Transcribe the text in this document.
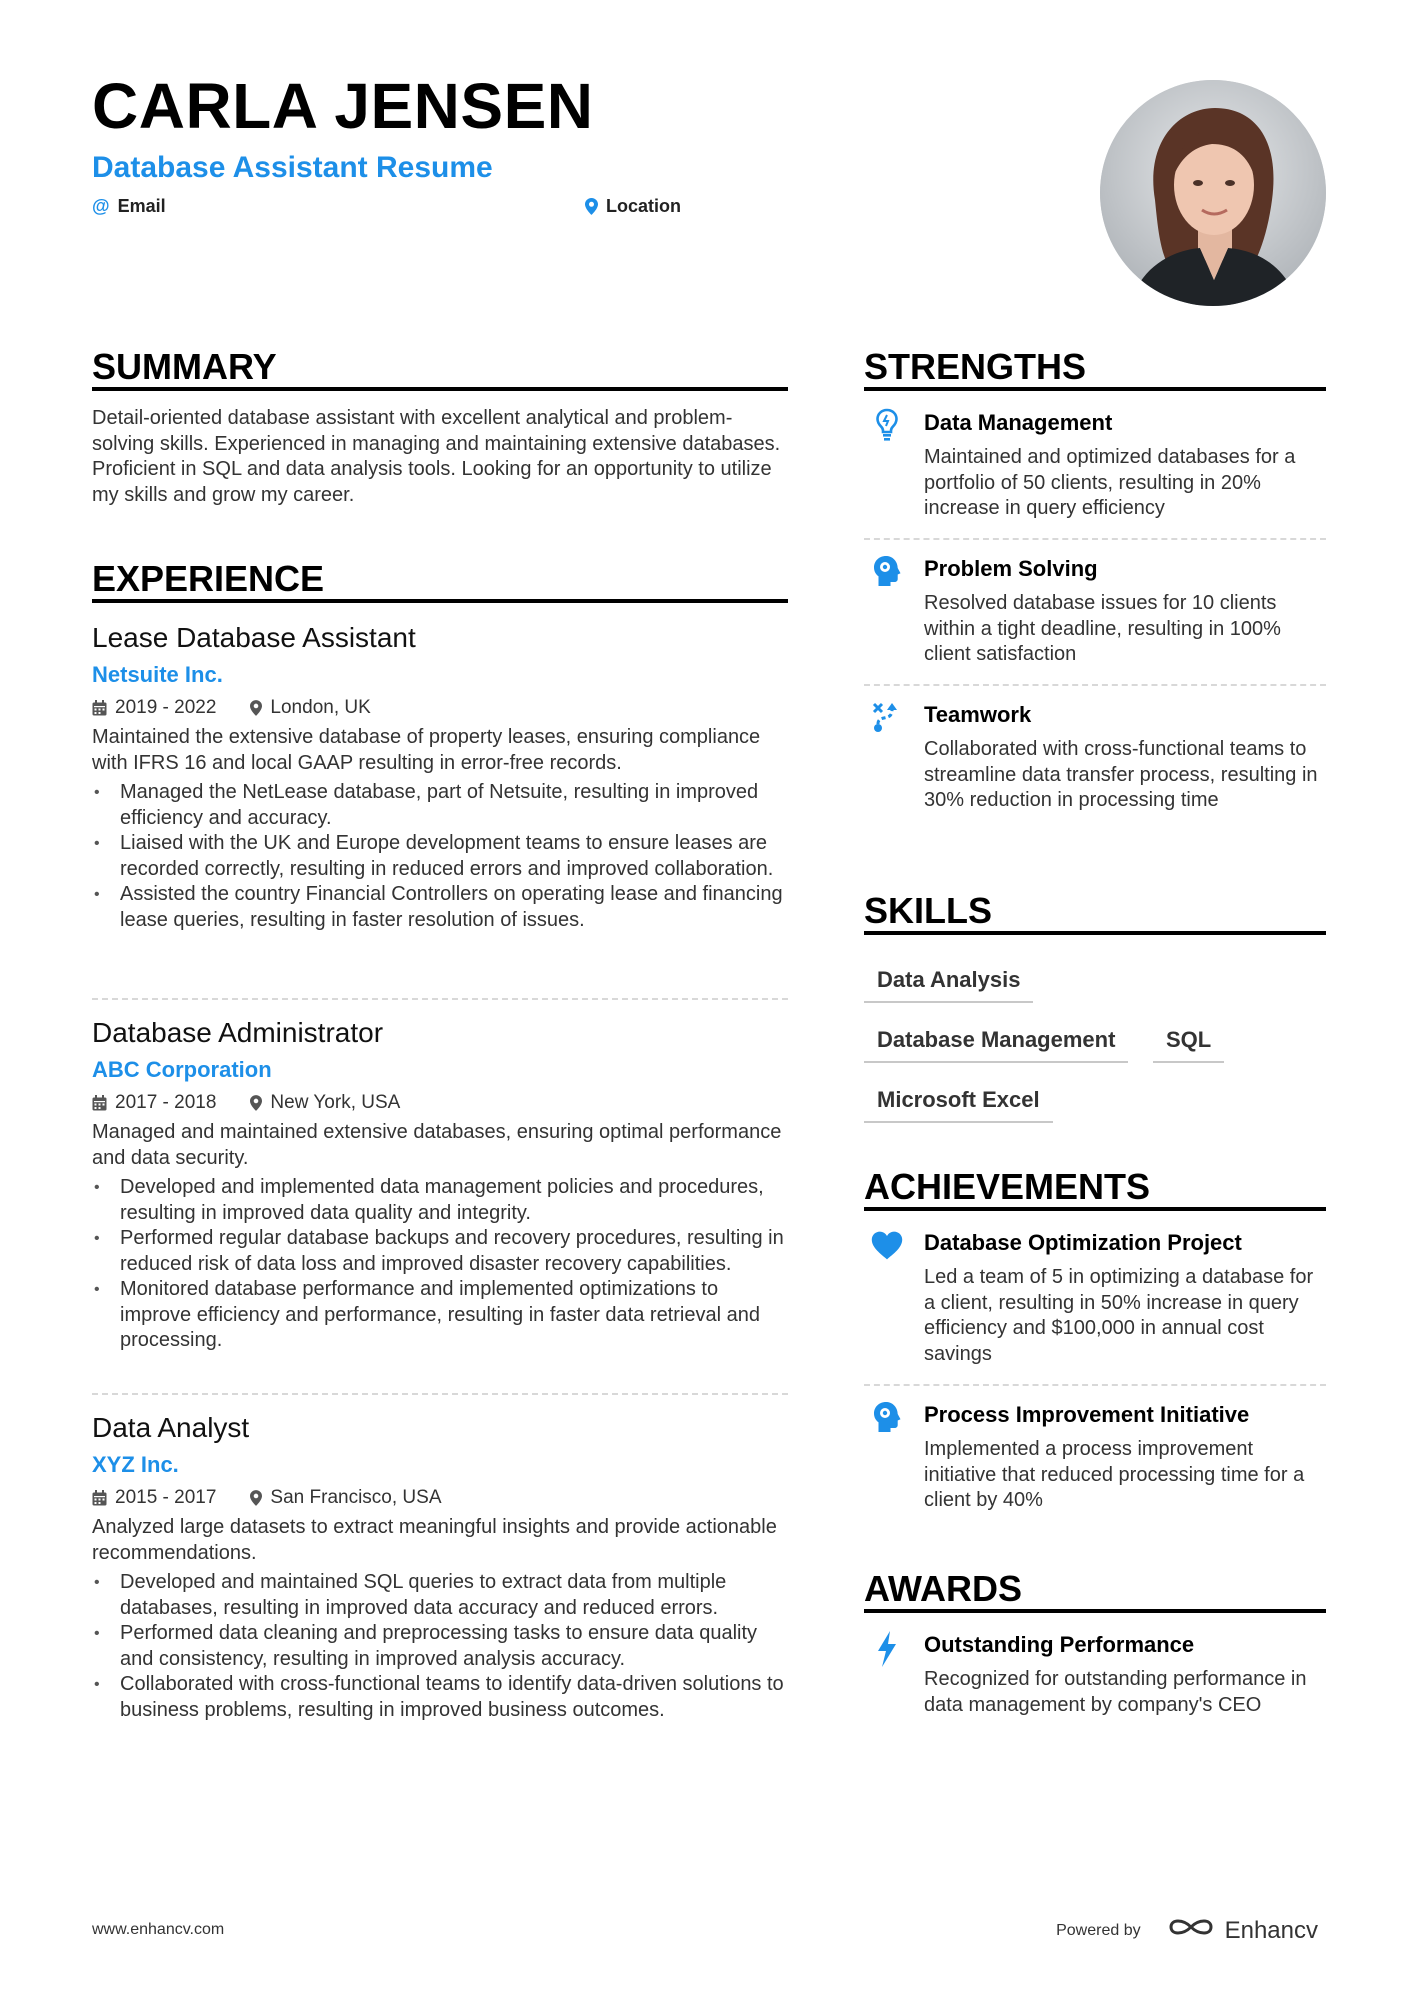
CARLA JENSEN
Database Assistant Resume
@ Email	Location
SUMMARY

Detail-oriented database assistant with excellent analytical and problem-solving skills. Experienced in managing and maintaining extensive databases. Proficient in SQL and data analysis tools. Looking for an opportunity to utilize my skills and grow my career.

EXPERIENCE
Lease Database Assistant
Netsuite Inc.
2019 - 2022	London, UK

Maintained the extensive database of property leases, ensuring compliance with IFRS 16 and local GAAP resulting in error-free records.

• Managed the NetLease database, part of Netsuite, resulting in improved efficiency and accuracy.
• Liaised with the UK and Europe development teams to ensure leases are recorded correctly, resulting in reduced errors and improved collaboration.
• Assisted the country Financial Controllers on operating lease and financing lease queries, resulting in faster resolution of issues.
Database Administrator
ABC Corporation
2017 - 2018	New York, USA

Managed and maintained extensive databases, ensuring optimal performance and data security.

• Developed and implemented data management policies and procedures, resulting in improved data quality and integrity.
• Performed regular database backups and recovery procedures, resulting in reduced risk of data loss and improved disaster recovery capabilities.
• Monitored database performance and implemented optimizations to improve efficiency and performance, resulting in faster data retrieval and processing.
Data Analyst
XYZ Inc.
2015 - 2017	San Francisco, USA

Analyzed large datasets to extract meaningful insights and provide actionable recommendations.

• Developed and maintained SQL queries to extract data from multiple databases, resulting in improved data accuracy and reduced errors.
• Performed data cleaning and preprocessing tasks to ensure data quality and consistency, resulting in improved analysis accuracy.
• Collaborated with cross-functional teams to identify data-driven solutions to business problems, resulting in improved business outcomes.
STRENGTHS
Data Management
Maintained and optimized databases for a portfolio of 50 clients, resulting in 20% increase in query efficiency
Problem Solving
Resolved database issues for 10 clients within a tight deadline, resulting in 100% client satisfaction
Teamwork
Collaborated with cross-functional teams to streamline data transfer process, resulting in 30% reduction in processing time
SKILLS
Data Analysis
Database Management	SQL
Microsoft Excel
ACHIEVEMENTS
Database Optimization Project
Led a team of 5 in optimizing a database for a client, resulting in 50% increase in query efficiency and $100,000 in annual cost savings
Process Improvement Initiative
Implemented a process improvement initiative that reduced processing time for a client by 40%
AWARDS
Outstanding Performance
Recognized for outstanding performance in data management by company's CEO
www.enhancv.com	Powered by	Enhancv
